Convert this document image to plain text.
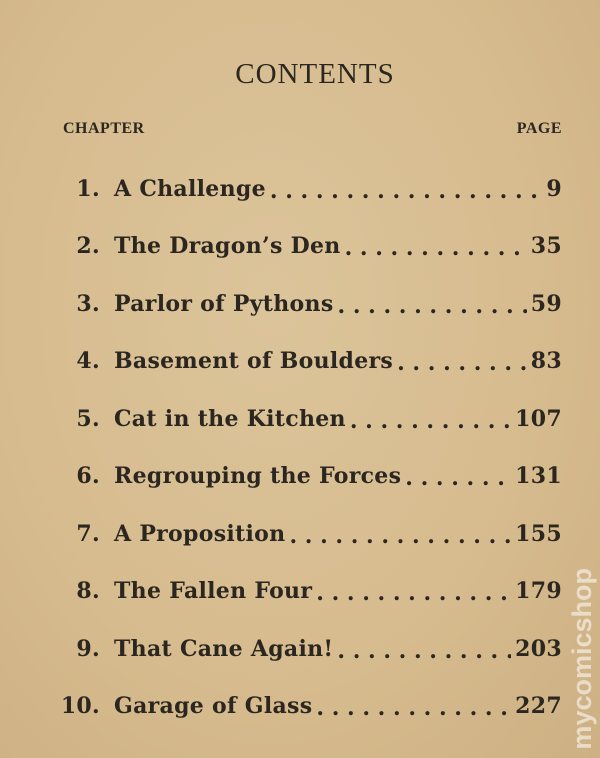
CONTENTS
CHAPTER	PAGE
1. A Challenge . . .	9
2. The Dragon’s Den . . .	35
3. Parlor of Pythons . . .	59
4. Basement of Boulders . . .	83
5. Cat in the Kitchen . . .	107
6. Regrouping the Forces . . .	131
7. A Proposition . . .	155
8. The Fallen Four . . .	179
9. That Cane Again! . . .	203
10. Garage of Glass . . .	227 mycomicshop
